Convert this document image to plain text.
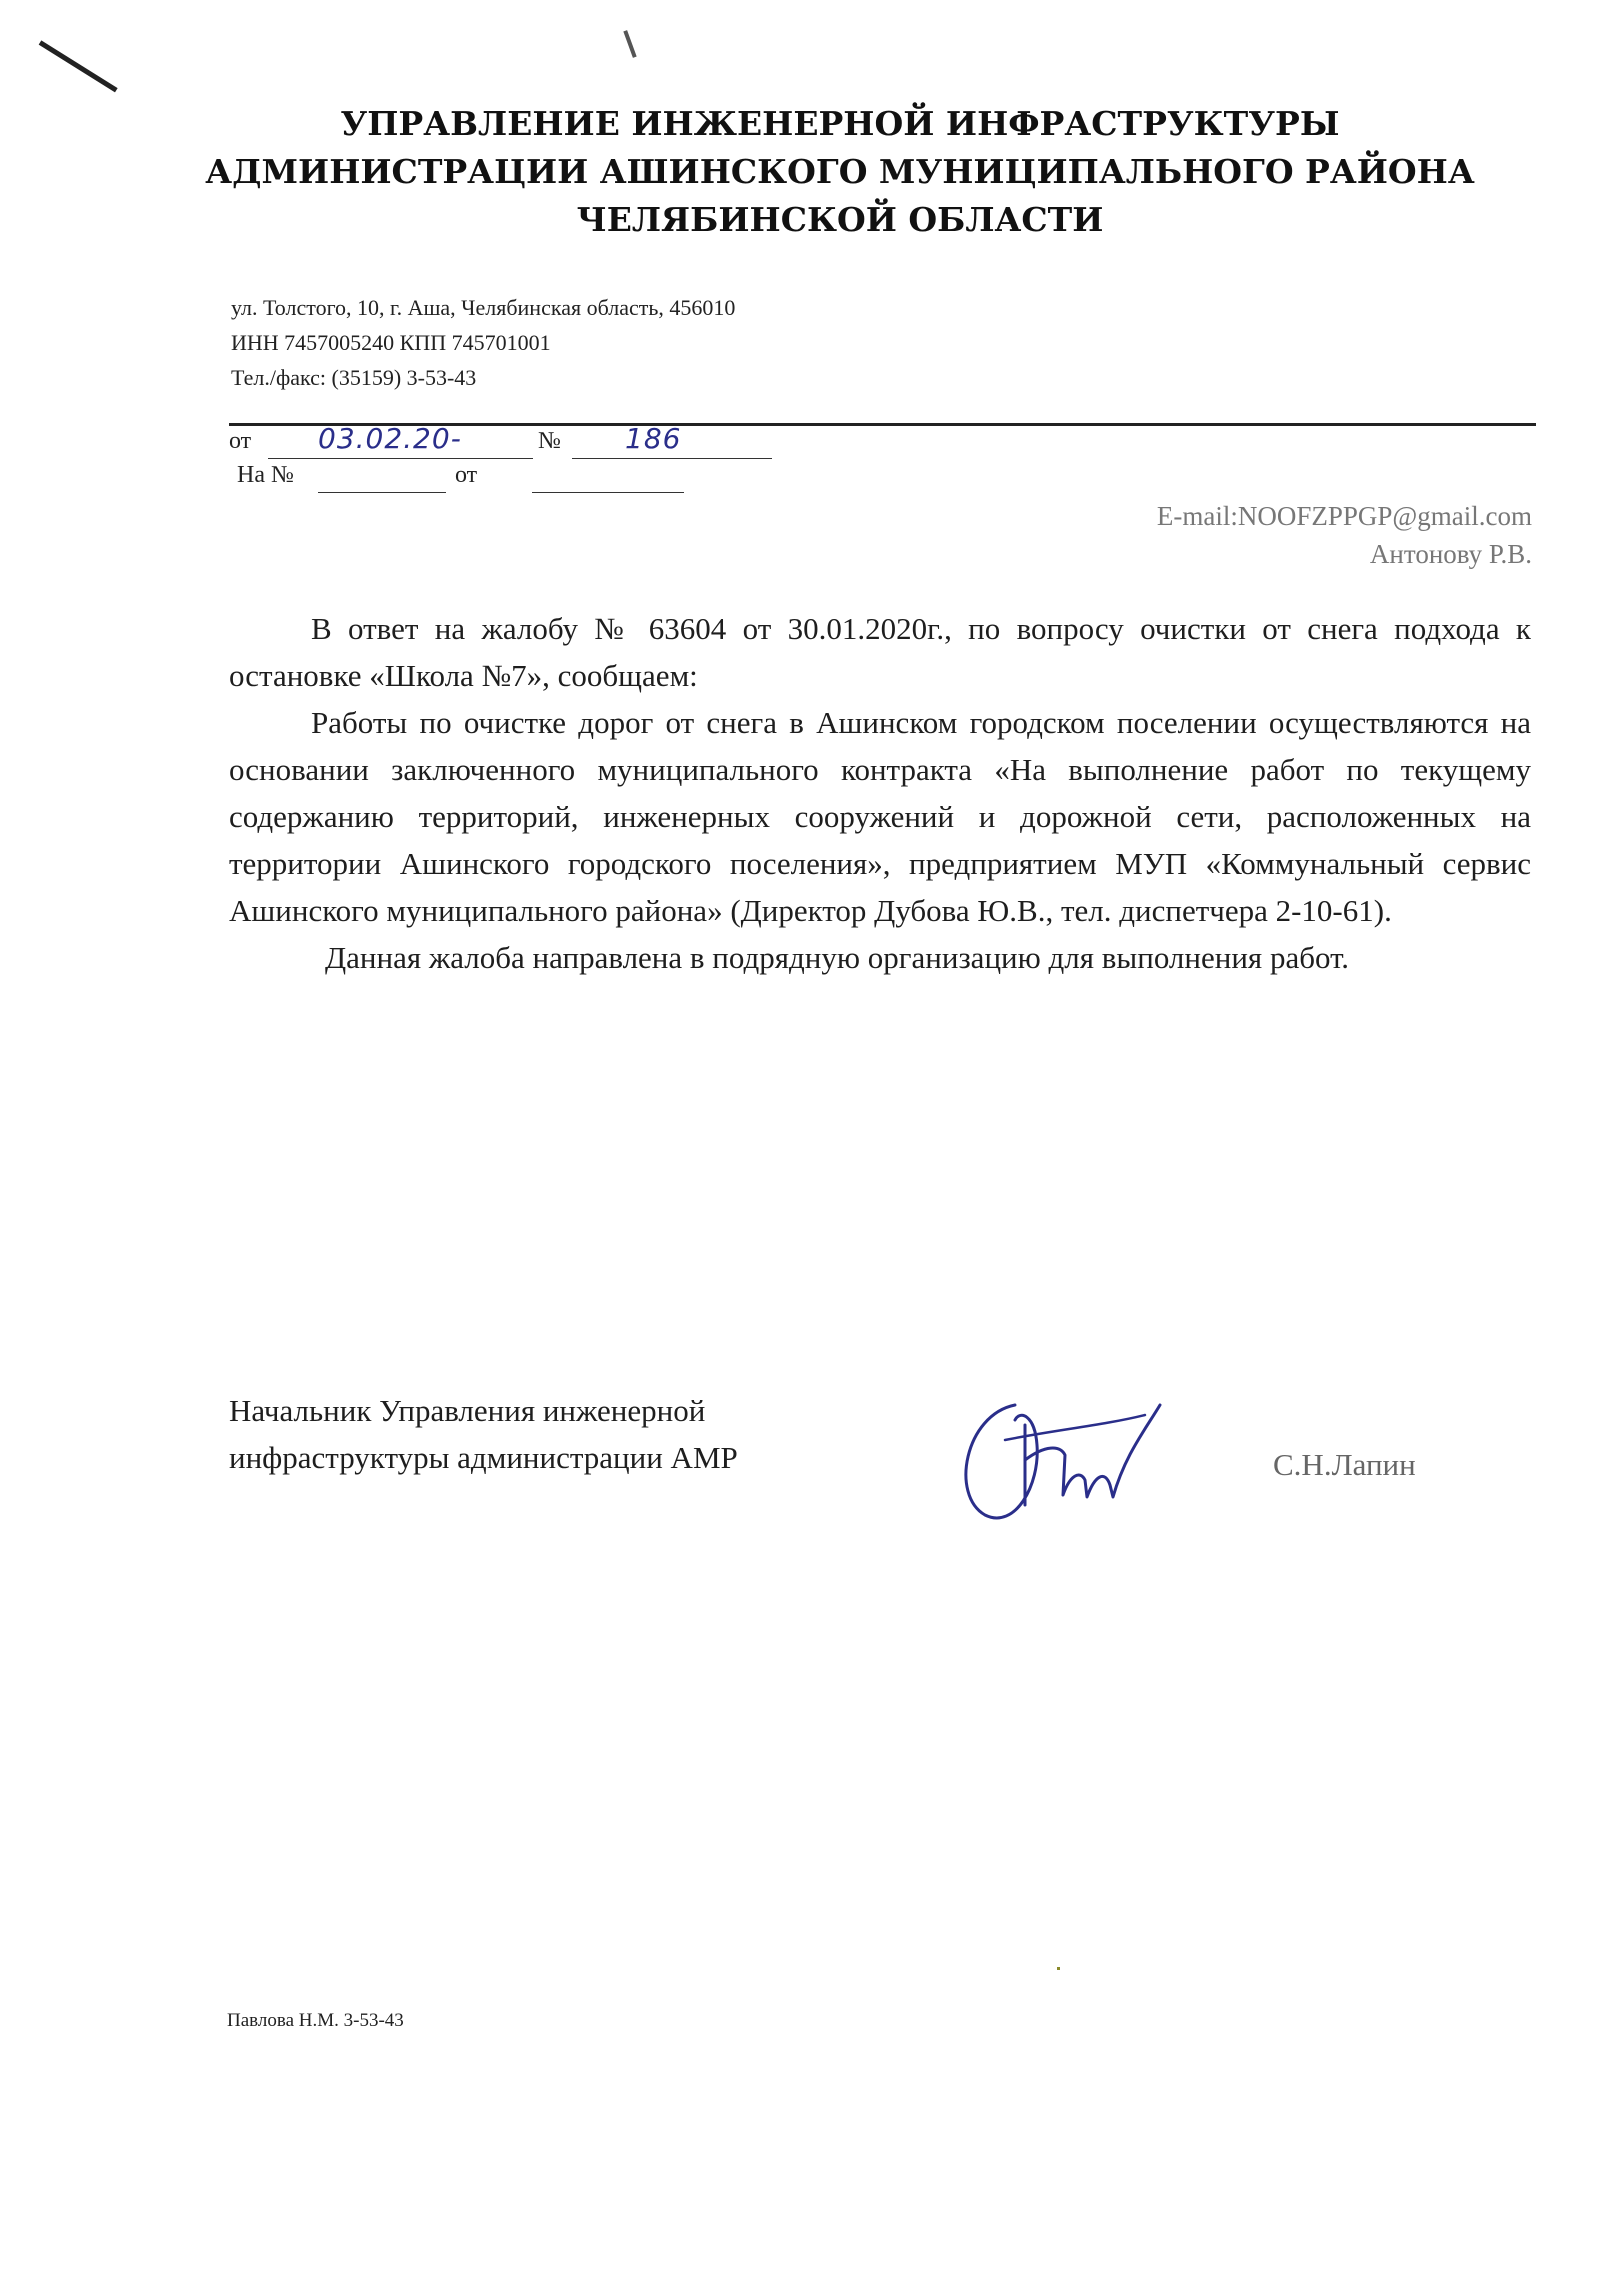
УПРАВЛЕНИЕ ИНЖЕНЕРНОЙ ИНФРАСТРУКТУРЫ
АДМИНИСТРАЦИИ АШИНСКОГО МУНИЦИПАЛЬНОГО РАЙОНА
ЧЕЛЯБИНСКОЙ ОБЛАСТИ
ул. Толстого, 10, г. Аша, Челябинская область, 456010
ИНН 7457005240 КПП 745701001
Тел./факс: (35159) 3-53-43
от 03.02.20-	№ 186
На №	от
E-mail:NOOFZPPGP@gmail.com
Антонову Р.В.

В ответ на жалобу № 63604 от 30.01.2020г., по вопросу очистки от снега подхода к остановке «Школа №7», сообщаем:

Работы по очистке дорог от снега в Ашинском городском поселении осуществляются на основании заключенного муниципального контракта «На выполнение работ по текущему содержанию территорий, инженерных сооружений и дорожной сети, расположенных на территории Ашинского городского поселения», предприятием МУП «Коммунальный сервис Ашинского муниципального района» (Директор Дубова Ю.В., тел. диспетчера 2-10-61).

Данная жалоба направлена в подрядную организацию для выполнения работ.

Начальник Управления инженерной
инфраструктуры администрации АМР	С.Н.Лапин
Павлова Н.М. 3-53-43
